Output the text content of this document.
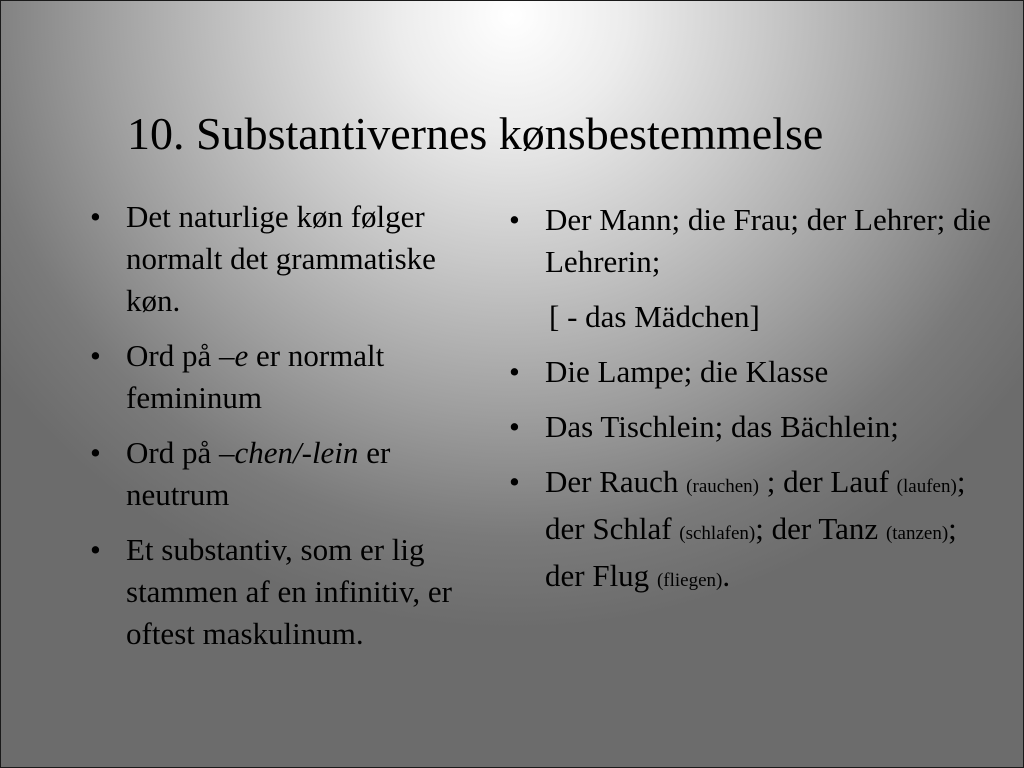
10. Substantivernes kønsbestemmelse
• Det naturlige køn følger normalt det grammatiske køn.
• Ord på –e er normalt femininum
• Ord på –chen/-lein er neutrum
• Et substantiv, som er lig stammen af en infinitiv, er oftest maskulinum.
• Der Mann; die Frau; der Lehrer; die Lehrerin;
[ - das Mädchen]
• Die Lampe; die Klasse
• Das Tischlein; das Bächlein;
• Der Rauch (rauchen) ; der Lauf (laufen); der Schlaf (schlafen); der Tanz (tanzen); der Flug (fliegen).
